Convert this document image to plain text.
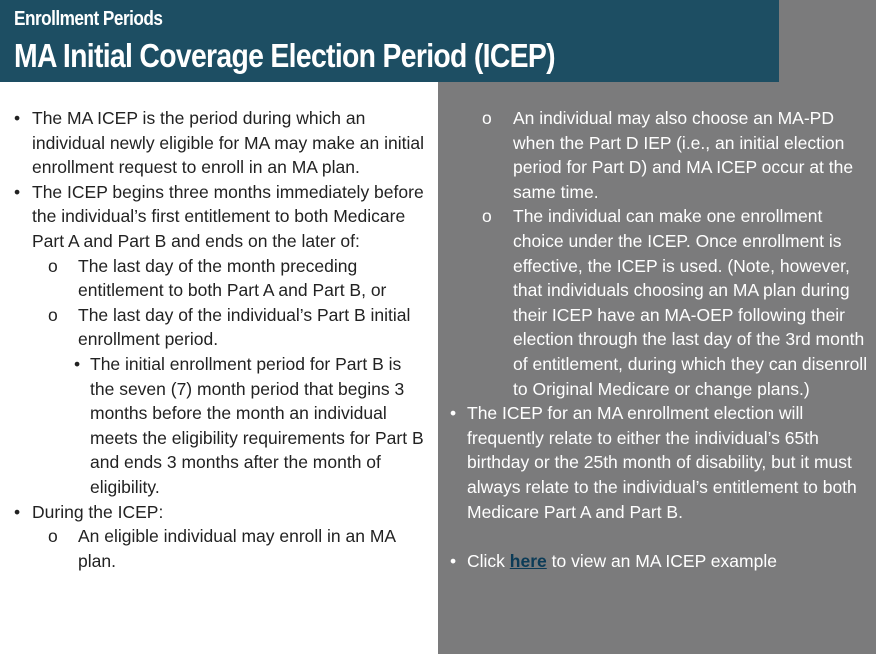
Enrollment Periods
MA Initial Coverage Election Period (ICEP)
• The MA ICEP is the period during which an individual newly eligible for MA may make an initial enrollment request to enroll in an MA plan.
• The ICEP begins three months immediately before the individual’s first entitlement to both Medicare Part A and Part B and ends on the later of:
o The last day of the month preceding entitlement to both Part A and Part B, or
o The last day of the individual’s Part B initial enrollment period.
• The initial enrollment period for Part B is the seven (7) month period that begins 3 months before the month an individual meets the eligibility requirements for Part B and ends 3 months after the month of eligibility.
• During the ICEP:
o An eligible individual may enroll in an MA plan.
o An individual may also choose an MA-PD when the Part D IEP (i.e., an initial election period for Part D) and MA ICEP occur at the same time.
o The individual can make one enrollment choice under the ICEP. Once enrollment is effective, the ICEP is used. (Note, however, that individuals choosing an MA plan during their ICEP have an MA-OEP following their election through the last day of the 3rd month of entitlement, during which they can disenroll to Original Medicare or change plans.)
• The ICEP for an MA enrollment election will frequently relate to either the individual’s 65th birthday or the 25th month of disability, but it must always relate to the individual’s entitlement to both Medicare Part A and Part B.
• Click here to view an MA ICEP example
